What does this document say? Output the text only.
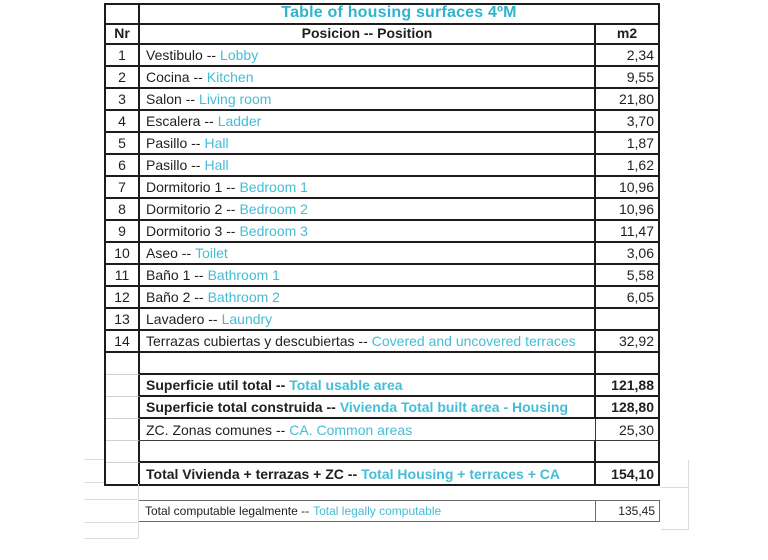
Table of housing surfaces 4ºM
Nr	Posicion -- Position	m2
1	Vestibulo -- Lobby	2,34
2	Cocina -- Kitchen	9,55
3	Salon -- Living room	21,80
4	Escalera -- Ladder	3,70
5	Pasillo -- Hall	1,87
6	Pasillo -- Hall	1,62
7	Dormitorio 1 -- Bedroom 1	10,96
8	Dormitorio 2 -- Bedroom 2	10,96
9	Dormitorio 3 -- Bedroom 3	11,47
10	Aseo -- Toilet	3,06
11	Baño 1 -- Bathroom 1	5,58
12	Baño 2 -- Bathroom 2	6,05
13	Lavadero -- Laundry
14	Terrazas cubiertas y descubiertas -- Covered and uncovered terraces	32,92
Superficie util total -- Total usable area	121,88
Superficie total construida -- Vivienda Total built area - Housing	128,80
ZC. Zonas comunes -- CA. Common areas	25,30
Total Vivienda + terrazas + ZC -- Total Housing + terraces + CA	154,10
Total computable legalmente -- Total legally computable	135,45
